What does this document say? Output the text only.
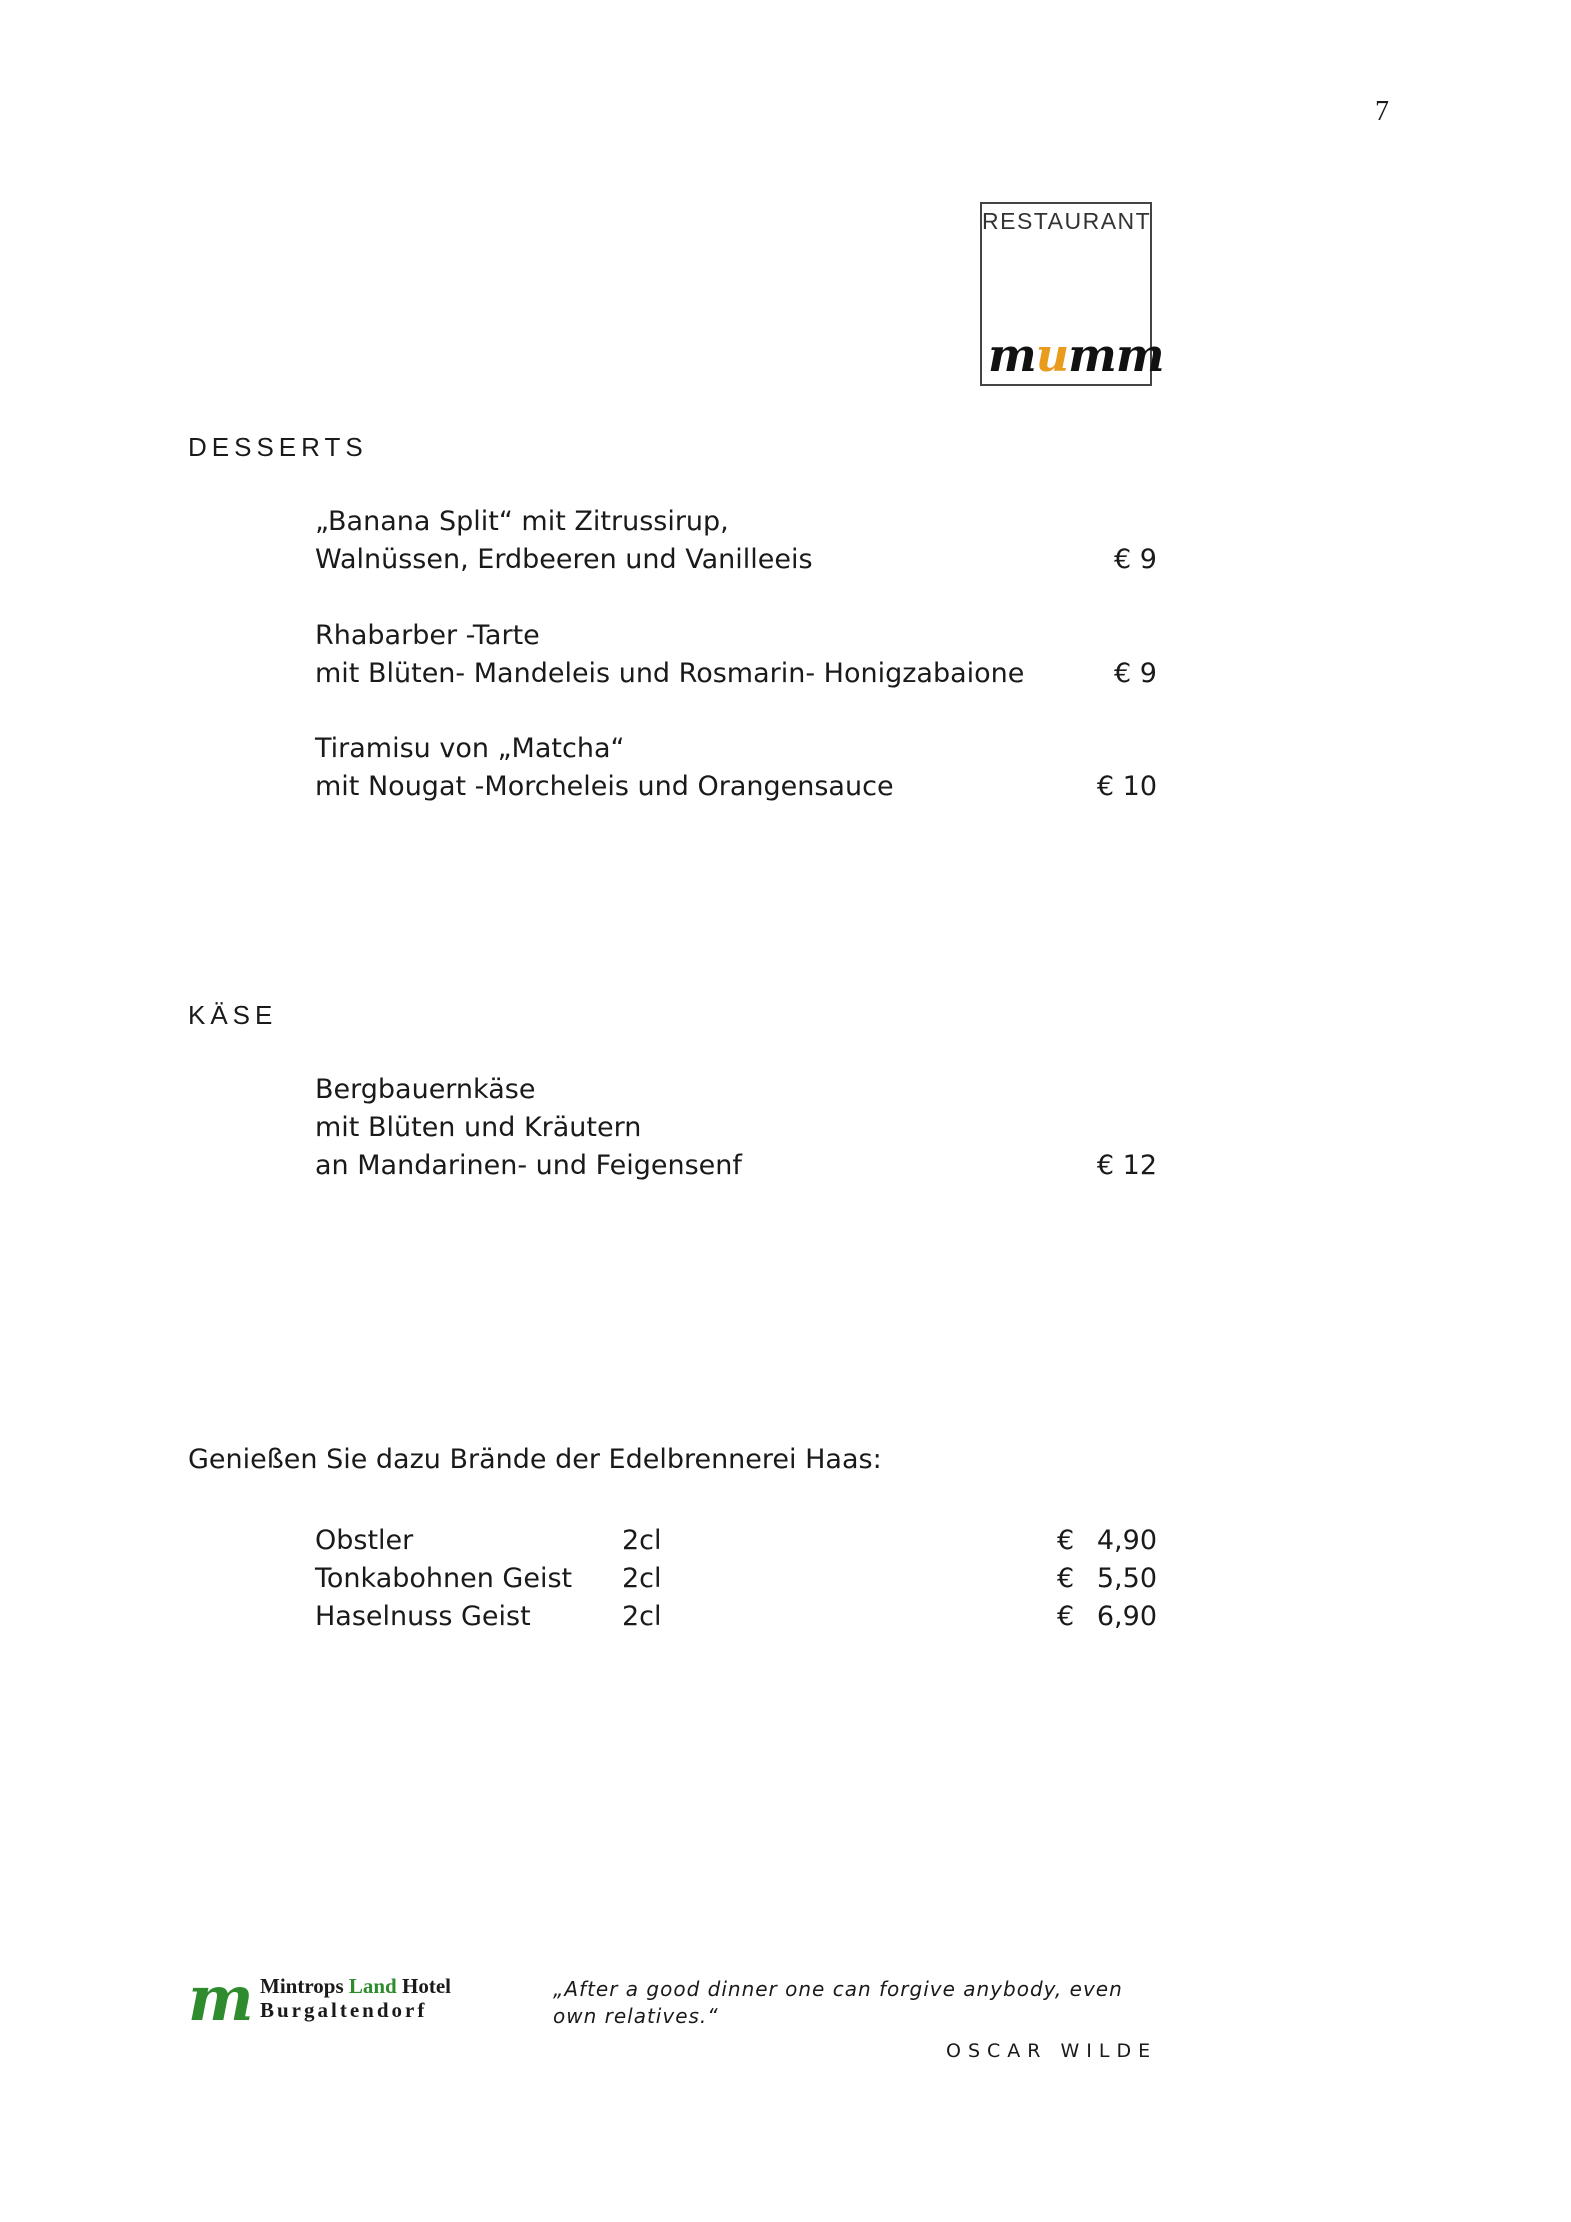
7
RESTAURANT
mumm
DESSERTS
„Banana Split“ mit Zitrussirup,
Walnüssen, Erdbeeren und Vanilleeis	€ 9
Rhabarber -Tarte
mit Blüten- Mandeleis und Rosmarin- Honigzabaione	€ 9
Tiramisu von „Matcha“
mit Nougat -Morcheleis und Orangensauce	€ 10
KÄSE
Bergbauernkäse
mit Blüten und Kräutern
an Mandarinen- und Feigensenf	€ 12
Genießen Sie dazu Brände der Edelbrennerei Haas:
Obstler	2cl	€ 4,90
Tonkabohnen Geist 2cl	€ 5,50
Haselnuss Geist	2cl	€ 6,90
m Mintrops Land Hotel
Burgaltendorf
„After a good dinner one can forgive anybody, even own relatives.“
OSCAR WILDE
